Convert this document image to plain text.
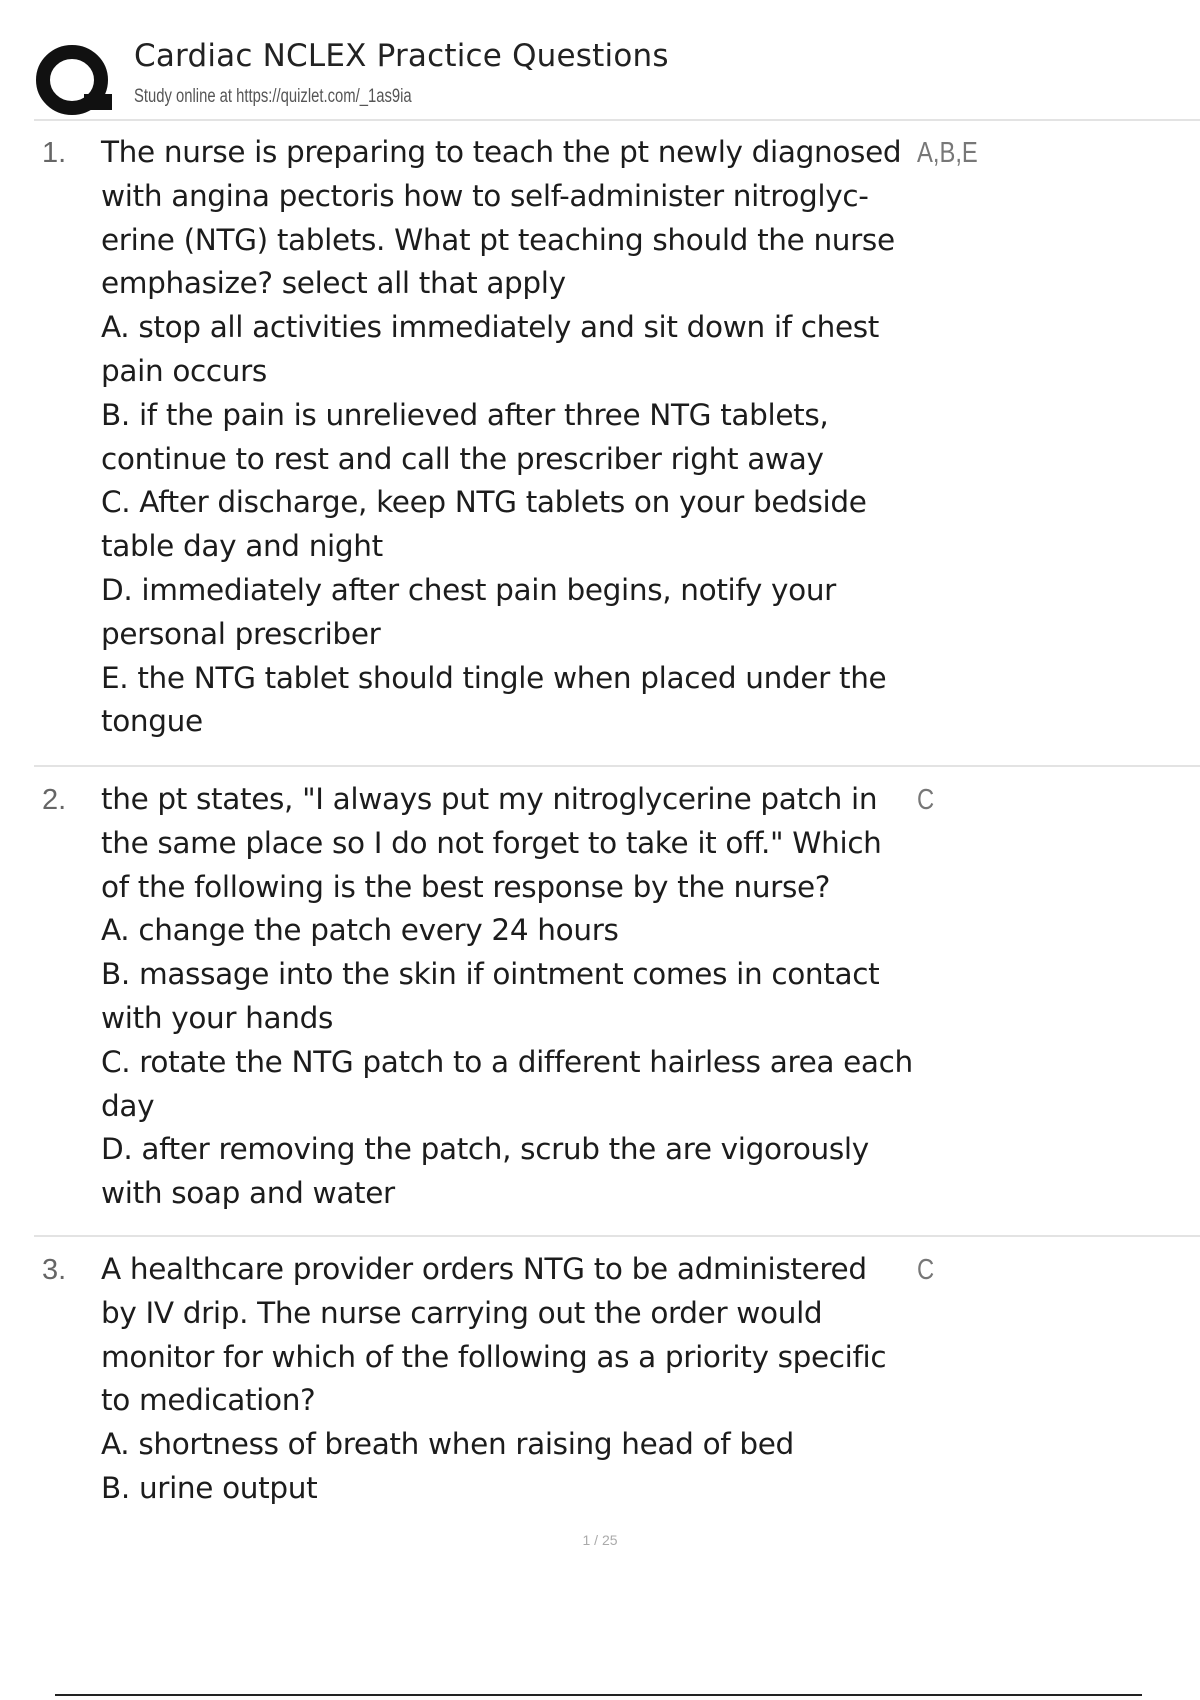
Cardiac NCLEX Practice Questions
Study online at https://quizlet.com/_1as9ia
1. The nurse is preparing to teach the pt newly diagnosed
with angina pectoris how to self-administer nitroglyc-
erine (NTG) tablets. What pt teaching should the nurse
emphasize? select all that apply
A. stop all activities immediately and sit down if chest
pain occurs
B. if the pain is unrelieved after three NTG tablets,
continue to rest and call the prescriber right away
C. After discharge, keep NTG tablets on your bedside
table day and night
D. immediately after chest pain begins, notify your
personal prescriber
E. the NTG tablet should tingle when placed under the
tongue
A,B,E
2. the pt states, "I always put my nitroglycerine patch in
the same place so I do not forget to take it off." Which
of the following is the best response by the nurse?
A. change the patch every 24 hours
B. massage into the skin if ointment comes in contact
with your hands
C. rotate the NTG patch to a different hairless area each
day
D. after removing the patch, scrub the are vigorously
with soap and water
C
3. A healthcare provider orders NTG to be administered
by IV drip. The nurse carrying out the order would
monitor for which of the following as a priority specific
to medication?
A. shortness of breath when raising head of bed
B. urine output
C
1 / 25
